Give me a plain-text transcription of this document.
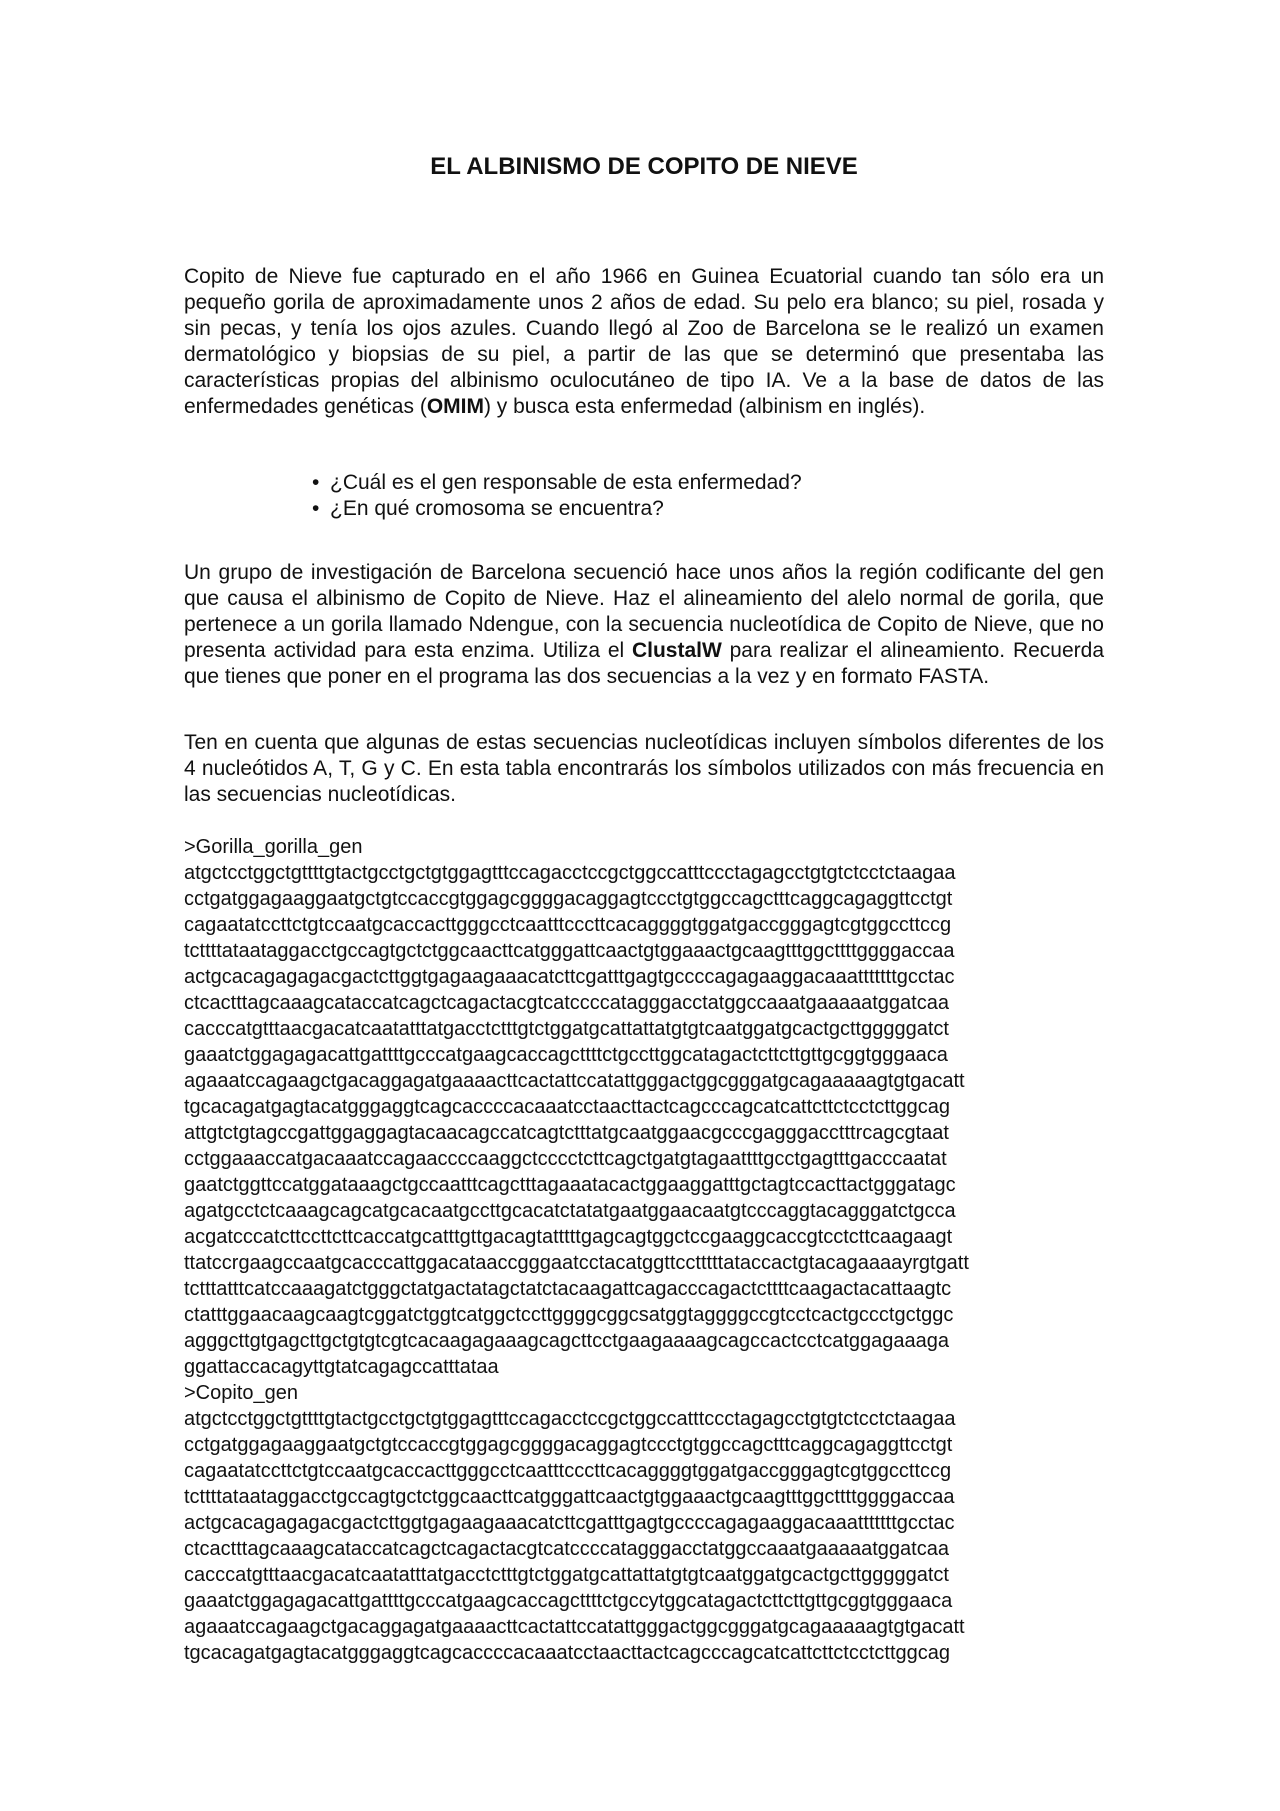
EL ALBINISMO DE COPITO DE NIEVE

Copito de Nieve fue capturado en el año 1966 en Guinea Ecuatorial cuando tan sólo era un pequeño gorila de aproximadamente unos 2 años de edad. Su pelo era blanco; su piel, rosada y sin pecas, y tenía los ojos azules. Cuando llegó al Zoo de Barcelona se le realizó un examen dermatológico y biopsias de su piel, a partir de las que se determinó que presentaba las características propias del albinismo oculocutáneo de tipo IA. Ve a la base de datos de las enfermedades genéticas (OMIM) y busca esta enfermedad (albinism en inglés).

• ¿Cuál es el gen responsable de esta enfermedad?
• ¿En qué cromosoma se encuentra?

Un grupo de investigación de Barcelona secuenció hace unos años la región codificante del gen que causa el albinismo de Copito de Nieve. Haz el alineamiento del alelo normal de gorila, que pertenece a un gorila llamado Ndengue, con la secuencia nucleotídica de Copito de Nieve, que no presenta actividad para esta enzima. Utiliza el ClustalW para realizar el alineamiento. Recuerda que tienes que poner en el programa las dos secuencias a la vez y en formato FASTA.

Ten en cuenta que algunas de estas secuencias nucleotídicas incluyen símbolos diferentes de los 4 nucleótidos A, T, G y C. En esta tabla encontrarás los símbolos utilizados con más frecuencia en las secuencias nucleotídicas.

>Gorilla_gorilla_gen
atgctcctggctgttttgtactgcctgctgtggagtttccagacctccgctggccatttccctagagcctgtgtctcctctaagaa
cctgatggagaaggaatgctgtccaccgtggagcggggacaggagtccctgtggccagctttcaggcagaggttcctgt
cagaatatccttctgtccaatgcaccacttgggcctcaatttcccttcacaggggtggatgaccgggagtcgtggccttccg
tcttttataataggacctgccagtgctctggcaacttcatgggattcaactgtggaaactgcaagtttggcttttggggaccaa
actgcacagagagacgactcttggtgagaagaaacatcttcgatttgagtgccccagagaaggacaaatttttttgcctac
ctcactttagcaaagcataccatcagctcagactacgtcatccccatagggacctatggccaaatgaaaaatggatcaa
cacccatgtttaacgacatcaatatttatgacctctttgtctggatgcattattatgtgtcaatggatgcactgcttgggggatct
gaaatctggagagacattgattttgcccatgaagcaccagcttttctgccttggcatagactcttcttgttgcggtgggaaca
agaaatccagaagctgacaggagatgaaaacttcactattccatattgggactggcgggatgcagaaaaagtgtgacatt
tgcacagatgagtacatgggaggtcagcaccccacaaatcctaacttactcagcccagcatcattcttctcctcttggcag
attgtctgtagccgattggaggagtacaacagccatcagtctttatgcaatggaacgcccgagggacctttrcagcgtaat
cctggaaaccatgacaaatccagaaccccaaggctcccctcttcagctgatgtagaattttgcctgagtttgacccaatat
gaatctggttccatggataaagctgccaatttcagctttagaaatacactggaaggatttgctagtccacttactgggatagc
agatgcctctcaaagcagcatgcacaatgccttgcacatctatatgaatggaacaatgtcccaggtacagggatctgcca
acgatcccatcttccttcttcaccatgcatttgttgacagtatttttgagcagtggctccgaaggcaccgtcctcttcaagaagt
ttatccrgaagccaatgcacccattggacataaccgggaatcctacatggttcctttttataccactgtacagaaaayrgtgatt
tctttatttcatccaaagatctgggctatgactatagctatctacaagattcagacccagactcttttcaagactacattaagtc
ctatttggaacaagcaagtcggatctggtcatggctccttggggcggcsatggtaggggccgtcctcactgccctgctggc
agggcttgtgagcttgctgtgtcgtcacaagagaaagcagcttcctgaagaaaagcagccactcctcatggagaaaga
ggattaccacagyttgtatcagagccatttataa
>Copito_gen
atgctcctggctgttttgtactgcctgctgtggagtttccagacctccgctggccatttccctagagcctgtgtctcctctaagaa
cctgatggagaaggaatgctgtccaccgtggagcggggacaggagtccctgtggccagctttcaggcagaggttcctgt
cagaatatccttctgtccaatgcaccacttgggcctcaatttcccttcacaggggtggatgaccgggagtcgtggccttccg
tcttttataataggacctgccagtgctctggcaacttcatgggattcaactgtggaaactgcaagtttggcttttggggaccaa
actgcacagagagacgactcttggtgagaagaaacatcttcgatttgagtgccccagagaaggacaaatttttttgcctac
ctcactttagcaaagcataccatcagctcagactacgtcatccccatagggacctatggccaaatgaaaaatggatcaa
cacccatgtttaacgacatcaatatttatgacctctttgtctggatgcattattatgtgtcaatggatgcactgcttgggggatct
gaaatctggagagacattgattttgcccatgaagcaccagcttttctgccytggcatagactcttcttgttgcggtgggaaca
agaaatccagaagctgacaggagatgaaaacttcactattccatattgggactggcgggatgcagaaaaagtgtgacatt
tgcacagatgagtacatgggaggtcagcaccccacaaatcctaacttactcagcccagcatcattcttctcctcttggcag
